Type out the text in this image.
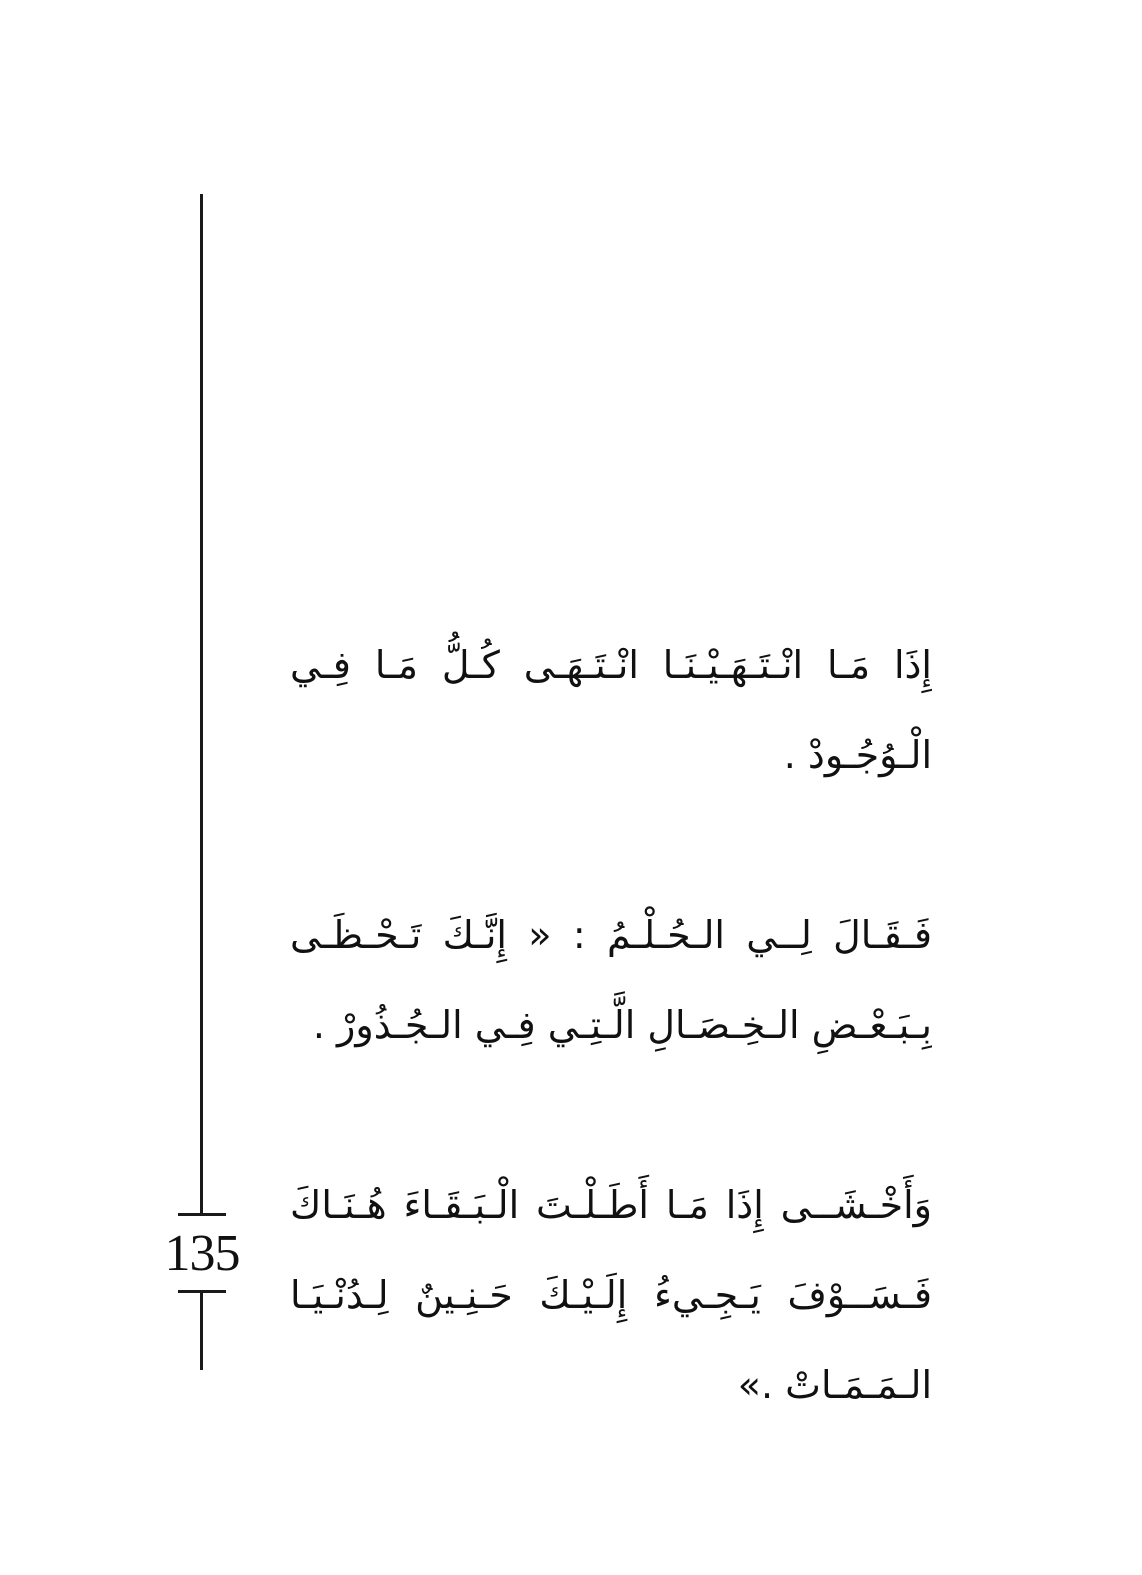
135
إِذَا مَـا انْـتَـهَـيْـنَـا انْـتَـهَـى كُـلُّ مَـا فِـي
الْـوُجُـودْ .
فَـقَـالَ لِــي الـحُـلْـمُ : « إِنَّـكَ تَـحْـظَـى
بِـبَـعْـضِ الـخِـصَـالِ الَّـتِـي فِـي الـجُـذُورْ .
وَأَخْـشَــى إِذَا مَـا أَطَـلْـتَ الْـبَـقَـاءَ هُـنَـاكَ
فَـسَــوْفَ يَـجِـيءُ إِلَـيْـكَ حَـنِـينٌ لِـدُنْـيَـا
الـمَـمَـاتْ .»
